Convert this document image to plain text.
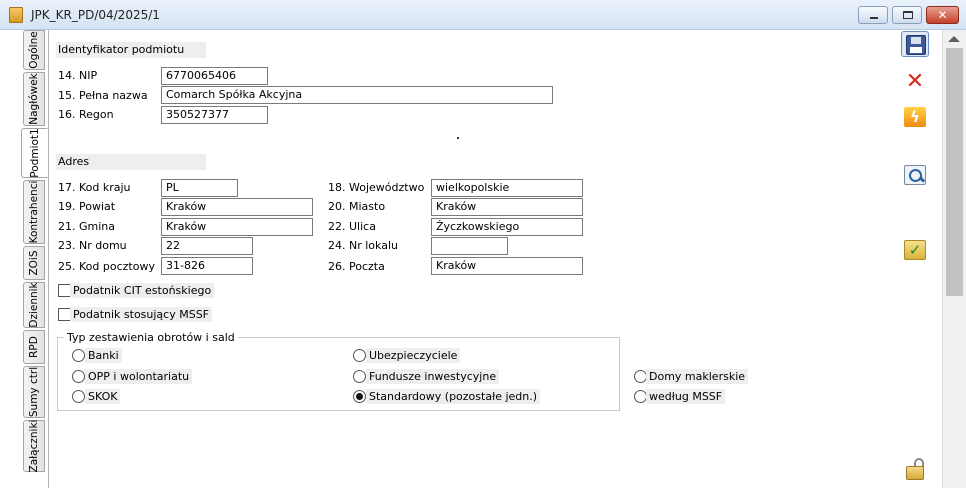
JPK_KR_PD/04/2025/1	✕
Ogólne
Nagłówek
Podmiot1
Kontrahenci
ZOiS
Dziennik
RPD
Sumy ctrl
Załączniki
Identyfikator podmiotu
14. NIP	6770065406
15. Pełna nazwa	Comarch Spółka Akcyjna
16. Regon	350527377
Adres
17. Kod kraju	PL	18. Województwo	wielkopolskie
19. Powiat	Kraków	20. Miasto	Kraków
21. Gmina	Kraków	22. Ulica	Życzkowskiego
23. Nr domu	22	24. Nr lokalu
25. Kod pocztowy	31-826	26. Poczta	Kraków
Podatnik CIT estońskiego
Podatnik stosujący MSSF
Typ zestawienia obrotów i sald
Banki
OPP i wolontariatu
SKOK
Ubezpieczyciele
Fundusze inwestycyjne
Standardowy (pozostałe jedn.)
Domy maklerskie
według MSSF
✕
ϟ
✓
